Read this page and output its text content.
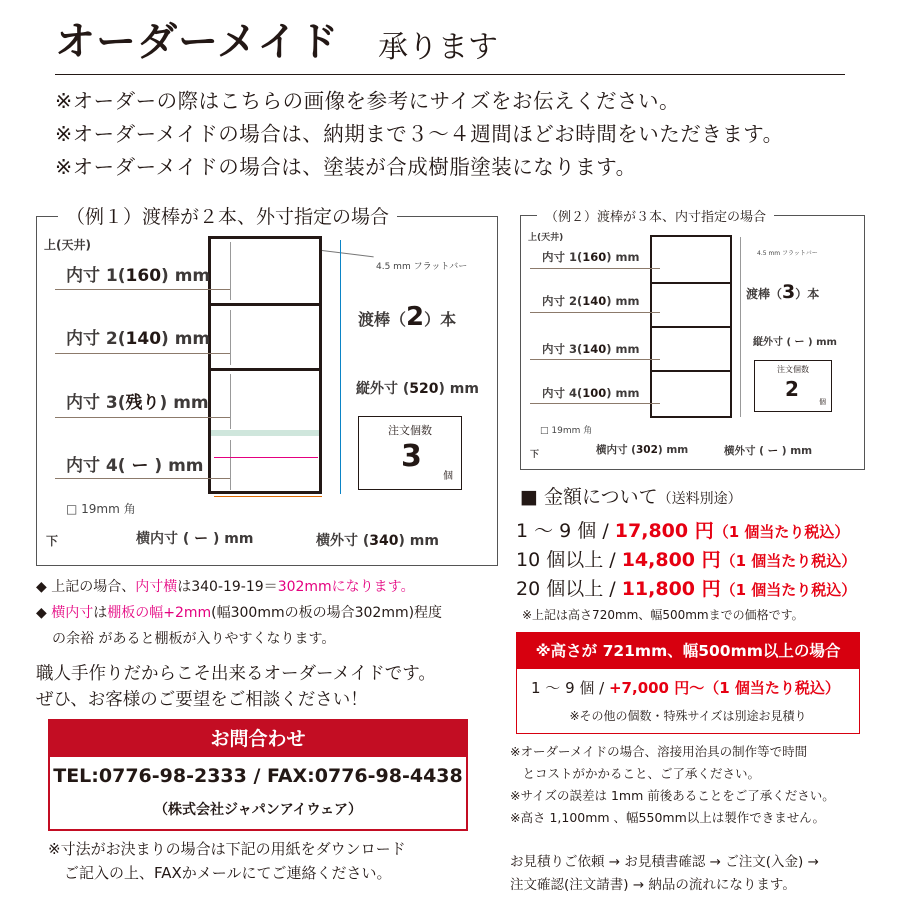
オーダーメイド 承ります
※オーダーの際はこちらの画像を参考にサイズをお伝えください。
※オーダーメイドの場合は、納期まで３～４週間ほどお時間をいただきます。
※オーダーメイドの場合は、塗装が合成樹脂塗装になります。
（例１）渡棒が２本、外寸指定の場合
上(天井)
内寸 1(160) mm
内寸 2(140) mm
内寸 3(残り) mm
内寸 4( ー ) mm
4.5 mm フラットバー
渡棒（2）本
縦外寸 (520) mm
注文個数
3
個
□ 19mm 角
下	横内寸 ( ー ) mm	横外寸 (340) mm
（例２）渡棒が３本、内寸指定の場合
上(天井)
内寸 1(160) mm
内寸 2(140) mm
内寸 3(140) mm
内寸 4(100) mm
4.5 mm フラットバー
渡棒（3）本
縦外寸 ( ー ) mm
注文個数
2
個
□ 19mm 角
下	横内寸 (302) mm	横外寸 ( ー ) mm
◆ 上記の場合、内寸横は340-19-19＝302mmになります。
◆ 横内寸は棚板の幅+2mm(幅300mmの板の場合302mm)程度
の余裕 があると棚板が入りやすくなります。
職人手作りだからこそ出来るオーダーメイドです。
ぜひ、お客様のご要望をご相談ください！
お問合わせ
TEL:0776-98-2333 / FAX:0776-98-4438
（株式会社ジャパンアイウェア）
※寸法がお決まりの場合は下記の用紙をダウンロード
ご記入の上、FAXかメールにてご連絡ください。
■ 金額について（送料別途）
1 ～ 9 個 / 17,800 円（1 個当たり税込）
10 個以上 / 14,800 円（1 個当たり税込）
20 個以上 / 11,800 円（1 個当たり税込）
※上記は高さ720mm、幅500mmまでの価格です。
※高さが 721mm、幅500mm以上の場合
1 ～ 9 個 / +7,000 円～（1 個当たり税込）
※その他の個数・特殊サイズは別途お見積り
※オーダーメイドの場合、溶接用治具の制作等で時間
　とコストがかかること、ご了承ください。
※サイズの誤差は 1mm 前後あることをご了承ください。
※高さ 1,100mm 、幅550mm以上は製作できません。
お見積りご依頼 → お見積書確認 → ご注文(入金) →
注文確認(注文請書) → 納品の流れになります。
